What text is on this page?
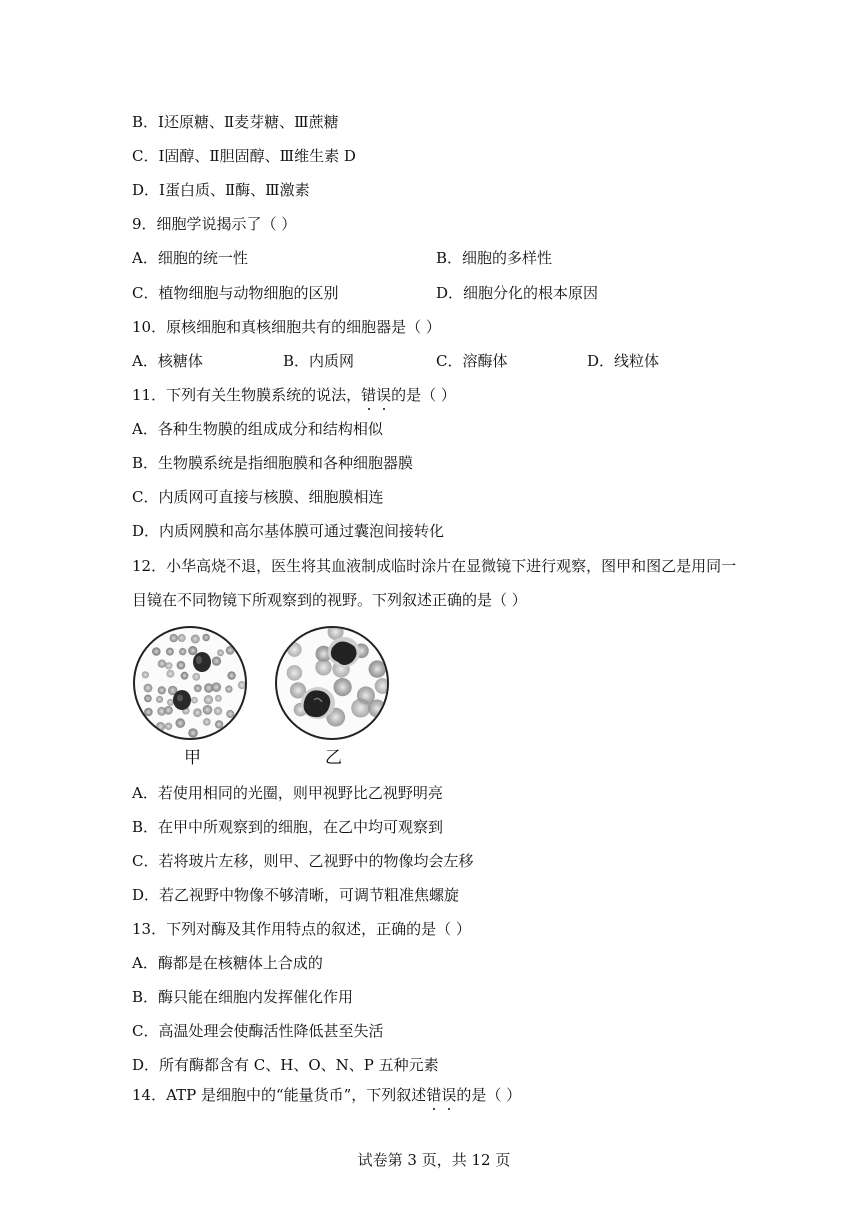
B．Ⅰ还原糖、Ⅱ麦芽糖、Ⅲ蔗糖
C．Ⅰ固醇、Ⅱ胆固醇、Ⅲ维生素 D
D．Ⅰ蛋白质、Ⅱ酶、Ⅲ激素
9．细胞学说揭示了（ ）
A．细胞的统一性	B．细胞的多样性
C．植物细胞与动物细胞的区别	D．细胞分化的根本原因
10．原核细胞和真核细胞共有的细胞器是（ ）
A．核糖体	B．内质网	C．溶酶体	D．线粒体
11．下列有关生物膜系统的说法，错误的是（ ）
A．各种生物膜的组成成分和结构相似
B．生物膜系统是指细胞膜和各种细胞器膜
C．内质网可直接与核膜、细胞膜相连
D．内质网膜和高尔基体膜可通过囊泡间接转化
12．小华高烧不退，医生将其血液制成临时涂片在显微镜下进行观察，图甲和图乙是用同一
目镜在不同物镜下所观察到的视野。下列叙述正确的是（ ）
甲	乙
A．若使用相同的光圈，则甲视野比乙视野明亮
B．在甲中所观察到的细胞，在乙中均可观察到
C．若将玻片左移，则甲、乙视野中的物像均会左移
D．若乙视野中物像不够清晰，可调节粗准焦螺旋
13．下列对酶及其作用特点的叙述，正确的是（ ）
A．酶都是在核糖体上合成的
B．酶只能在细胞内发挥催化作用
C．高温处理会使酶活性降低甚至失活
D．所有酶都含有 C、H、O、N、P 五种元素
14．ATP 是细胞中的“能量货币”，下列叙述错误的是（ ）
试卷第 3 页，共 12 页
